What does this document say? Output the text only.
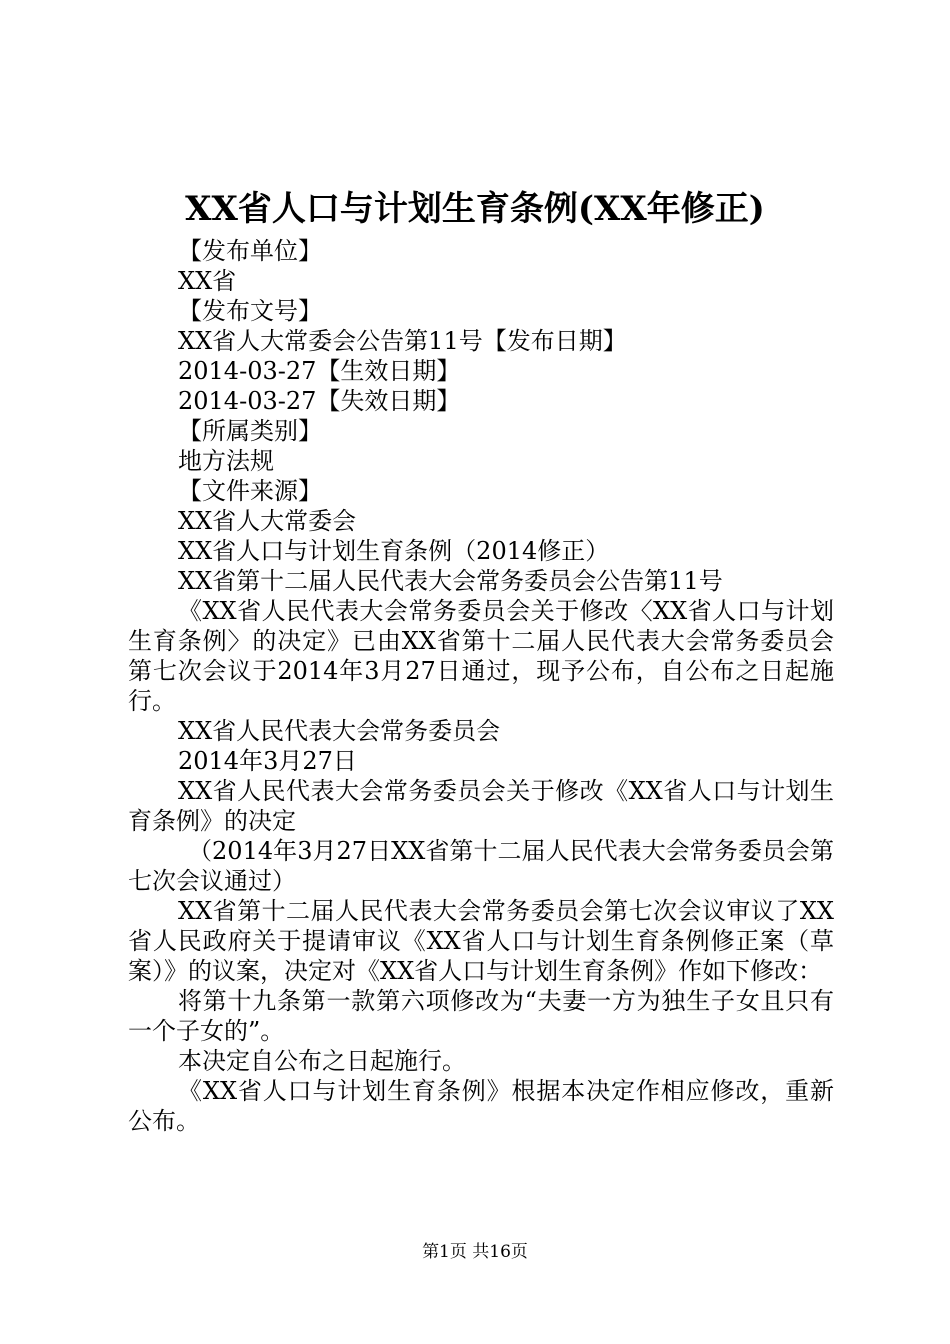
XX省人口与计划生育条例(XX年修正)

【发布单位】

XX省

【发布文号】

XX省人大常委会公告第11号【发布日期】

2014-03-27【生效日期】

2014-03-27【失效日期】

【所属类别】

地方法规

【文件来源】

XX省人大常委会

XX省人口与计划生育条例（2014修正）

XX省第十二届人民代表大会常务委员会公告第11号

《XX省人民代表大会常务委员会关于修改〈XX省人口与计划生育条例〉的决定》已由XX省第十二届人民代表大会常务委员会第七次会议于2014年3月27日通过，现予公布，自公布之日起施行。

XX省人民代表大会常务委员会

2014年3月27日

XX省人民代表大会常务委员会关于修改《XX省人口与计划生育条例》的决定

（2014年3月27日XX省第十二届人民代表大会常务委员会第七次会议通过）

XX省第十二届人民代表大会常务委员会第七次会议审议了XX省人民政府关于提请审议《XX省人口与计划生育条例修正案（草案）》的议案，决定对《XX省人口与计划生育条例》作如下修改：

将第十九条第一款第六项修改为“夫妻一方为独生子女且只有一个子女的”。

本决定自公布之日起施行。

《XX省人口与计划生育条例》根据本决定作相应修改，重新公布。

第1页 共16页
